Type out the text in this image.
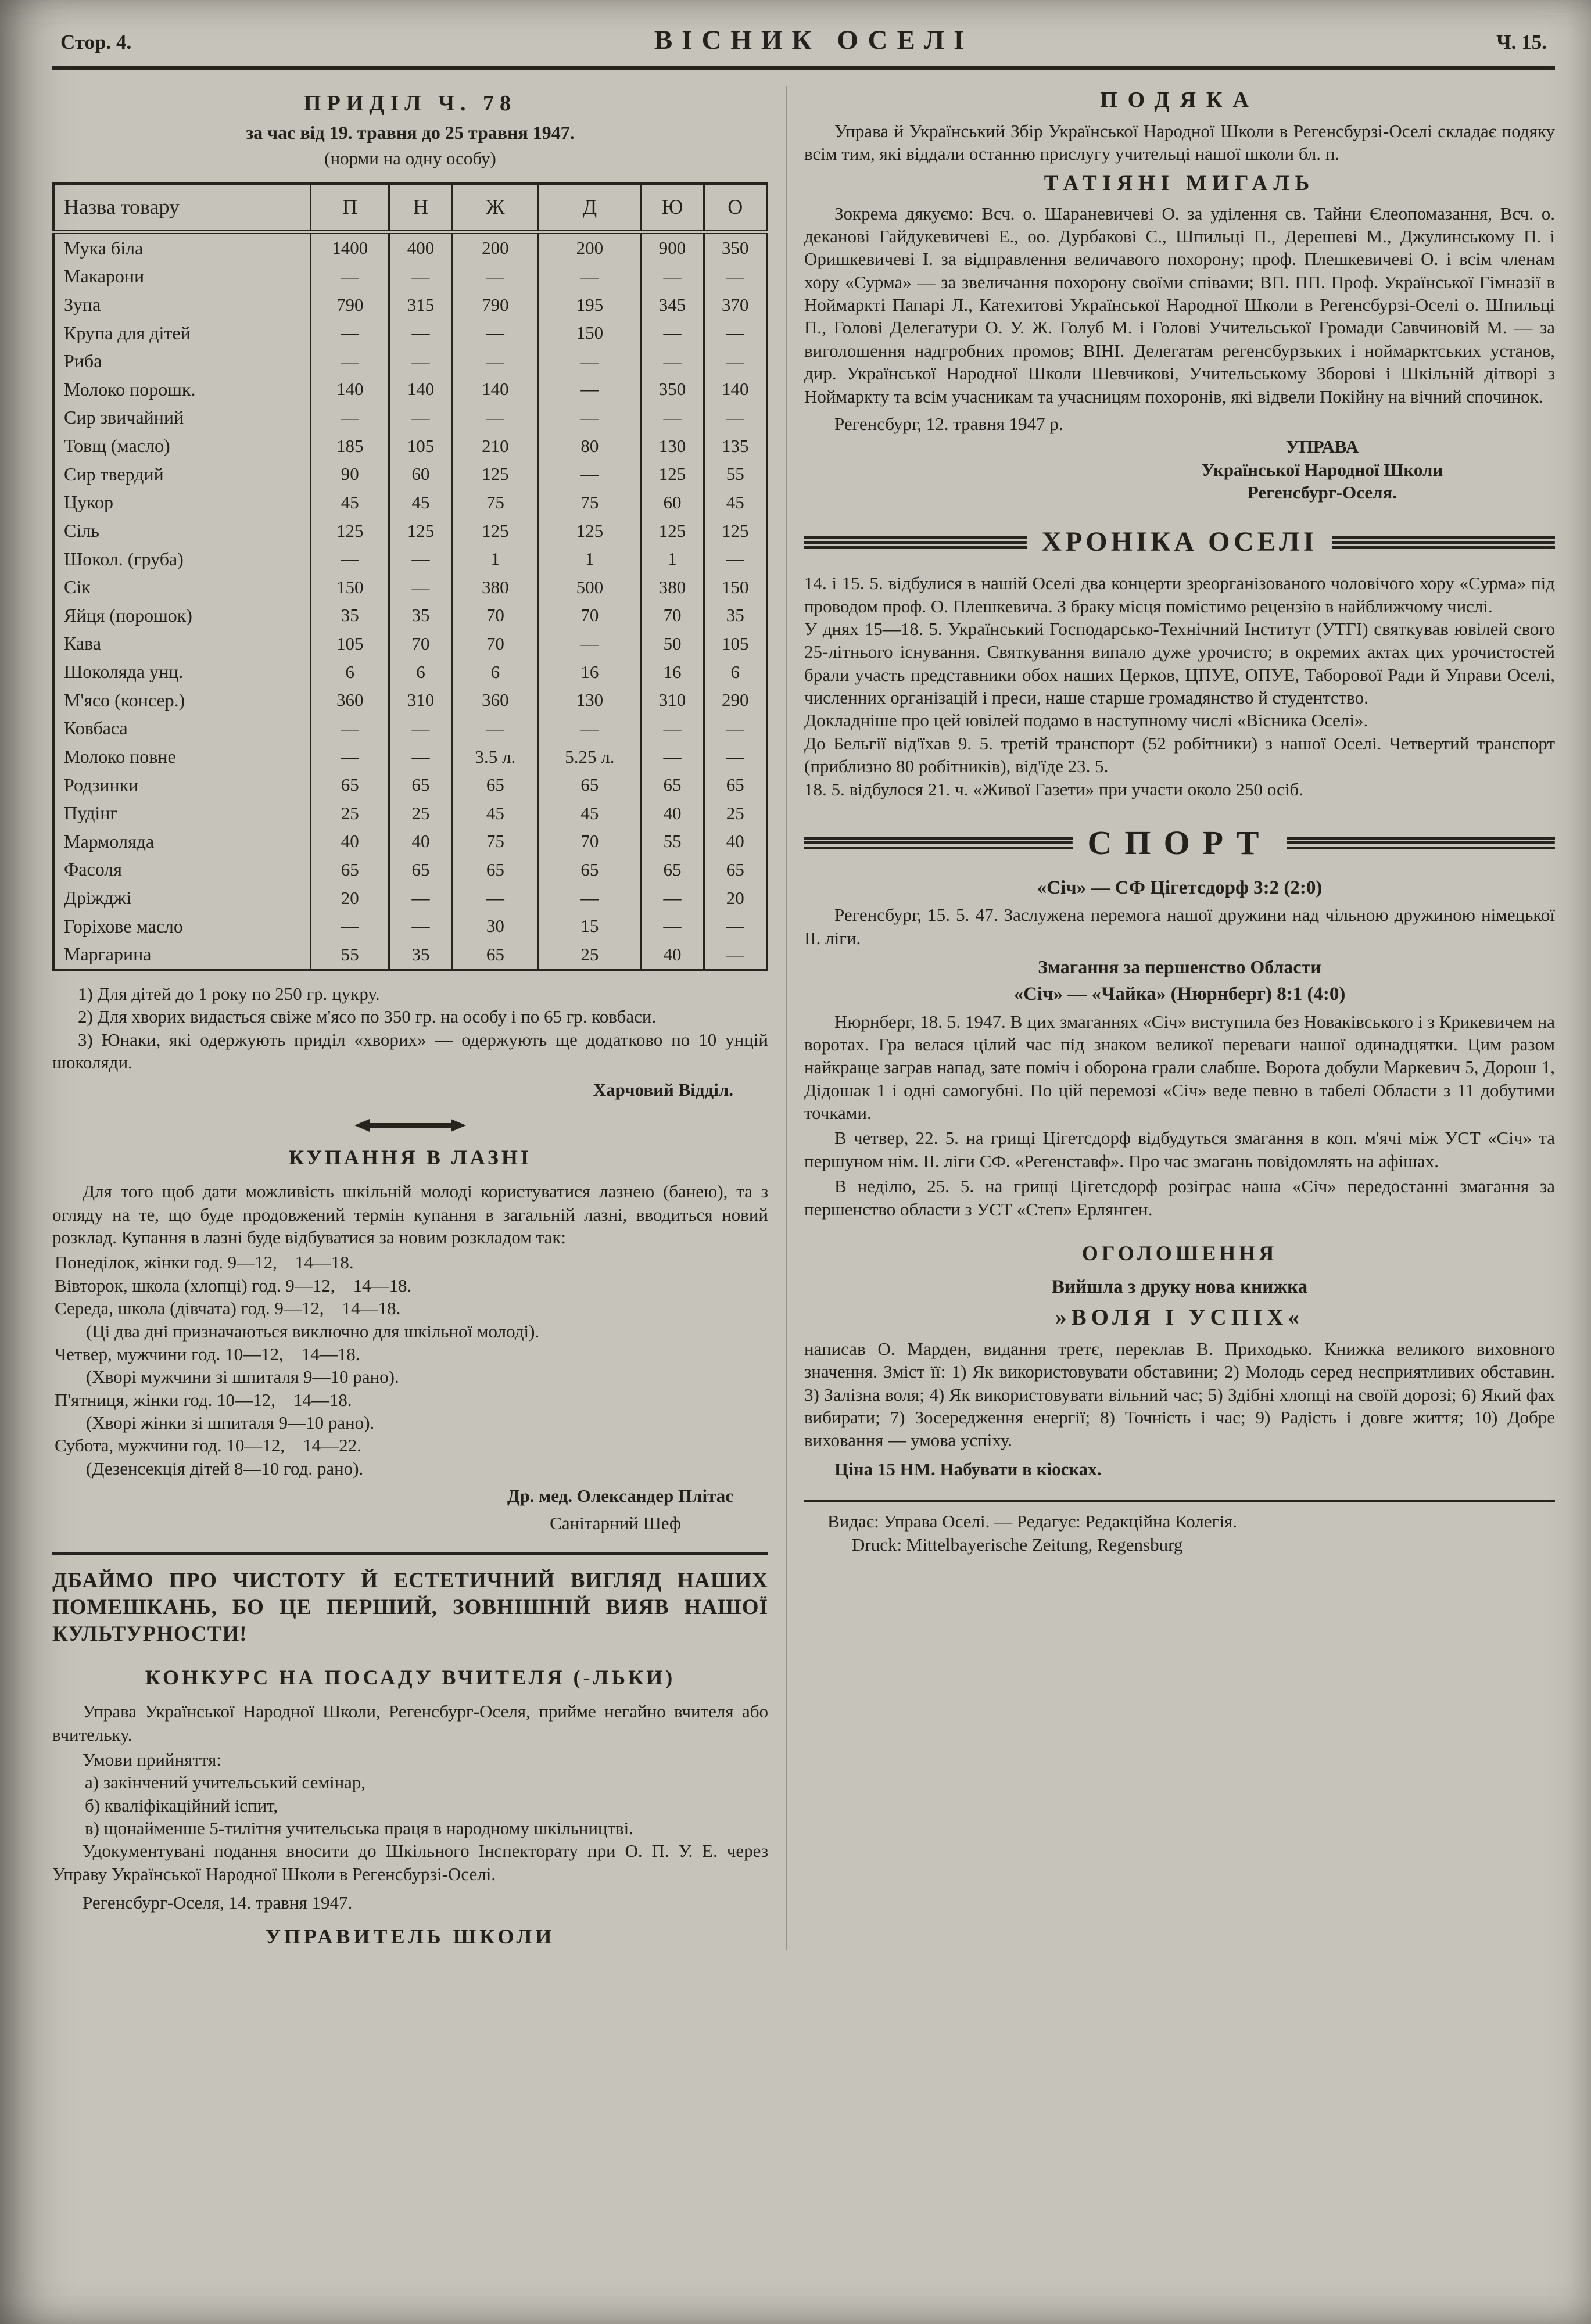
Стор. 4.	ВІСНИК ОСЕЛІ	Ч. 15.
ПРИДІЛ Ч. 78
за час від 19. травня до 25 травня 1947.
(норми на одну особу)
Назва товару	П	Н	Ж	Д	Ю	О
Мука біла	1400	400	200	200	900	350
Макарони	—	—	—	—	—	—
Зупа	790	315	790	195	345	370
Крупа для дітей	—	—	—	150	—	—
Риба	—	—	—	—	—	—
Молоко порошк.	140	140	140	—	350	140
Сир звичайний	—	—	—	—	—	—
Товщ (масло)	185	105	210	80	130	135
Сир твердий	90	60	125	—	125	55
Цукор	45	45	75	75	60	45
Сіль	125	125	125	125	125	125
Шокол. (груба)	—	—	1	1	1	—
Сік	150	—	380	500	380	150
Яйця (порошок)	35	35	70	70	70	35
Кава	105	70	70	—	50	105
Шоколяда унц.	6	6	6	16	16	6
М'ясо (консер.)	360	310	360	130	310	290
Ковбаса	—	—	—	—	—	—
Молоко повне	—	—	3.5 л.	5.25 л.	—	—
Родзинки	65	65	65	65	65	65
Пудінг	25	25	45	45	40	25
Мармоляда	40	40	75	70	55	40
Фасоля	65	65	65	65	65	65
Дріжджі	20	—	—	—	—	20
Горіхове масло	—	—	30	15	—	—
Маргарина	55	35	65	25	40	—
1) Для дітей до 1 року по 250 гр. цукру.
2) Для хворих видається свіже м'ясо по 350 гр. на особу і по 65 гр. ковбаси.
3) Юнаки, які одержують приділ «хворих» — одержують ще додатково по 10 унцій шоколяди.
Харчовий Відділ.
КУПАННЯ В ЛАЗНІ

Для того щоб дати можливість шкільній молоді користуватися лазнею (банею), та з огляду на те, що буде продовжений термін купання в загальній лазні, вводиться новий розклад. Купання в лазні буде відбуватися за новим розкладом так:

Понеділок, жінки год. 9—12, 14—18.
Вівторок, школа (хлопці) год. 9—12, 14—18.
Середа, школа (дівчата) год. 9—12, 14—18.
(Ці два дні призначаються виключно для шкільної молоді).
Четвер, мужчини год. 10—12, 14—18.
(Хворі мужчини зі шпиталя 9—10 рано).
П'ятниця, жінки год. 10—12, 14—18.
(Хворі жінки зі шпиталя 9—10 рано).
Субота, мужчини год. 10—12, 14—22.
(Дезенсекція дітей 8—10 год. рано).
Др. мед. Олександер Плітас
Санітарний Шеф

ДБАЙМО ПРО ЧИСТОТУ Й ЕСТЕТИЧНИЙ ВИГЛЯД НАШИХ ПОМЕШКАНЬ, БО ЦЕ ПЕРШИЙ, ЗОВНІШНІЙ ВИЯВ НАШОЇ КУЛЬТУРНОСТИ!

КОНКУРС НА ПОСАДУ ВЧИТЕЛЯ (-ЛЬКИ)

Управа Української Народної Школи, Регенсбург-Оселя, прийме негайно вчителя або вчительку.

Умови прийняття:
а) закінчений учительський семінар,
б) кваліфікаційний іспит,
в) щонайменше 5-тилітня учительська праця в народному шкільництві.

Удокументувані подання вносити до Шкільного Інспекторату при О. П. У. Е. через Управу Української Народної Школи в Регенсбурзі-Оселі.

Регенсбург-Оселя, 14. травня 1947.
УПРАВИТЕЛЬ ШКОЛИ
ПОДЯКА

Управа й Український Збір Української Народної Школи в Регенсбурзі-Оселі складає подяку всім тим, які віддали останню прислугу учительці нашої школи бл. п.

ТАТІЯНІ МИГАЛЬ

Зокрема дякуємо: Всч. о. Шараневичеві О. за уділення св. Тайни Єлеопомазання, Всч. о. деканові Гайдукевичеві Е., оо. Дурбакові С., Шпильці П., Дерешеві М., Джулинському П. і Оришкевичеві І. за відправлення величавого похорону; проф. Плешкевичеві О. і всім членам хору «Сурма» — за звеличання похорону своїми співами; ВП. ПП. Проф. Української Гімназії в Ноймаркті Папарі Л., Катехитові Української Народної Школи в Регенсбурзі-Оселі о. Шпильці П., Голові Делегатури О. У. Ж. Голуб М. і Голові Учительської Громади Савчиновій М. — за виголошення надгробних промов; ВІНІ. Делегатам регенсбурзьких і ноймарктських установ, дир. Української Народної Школи Шевчикові, Учительському Зборові і Шкільній дітворі з Ноймаркту та всім учасникам та учасницям похоронів, які відвели Покійну на вічний спочинок.

Регенсбург, 12. травня 1947 р.
УПРАВА
Української Народної Школи
Регенсбург-Оселя.
ХРОНІКА ОСЕЛІ
14. і 15. 5. відбулися в нашій Оселі два концерти зреорганізованого чоловічого хору «Сурма» під проводом проф. О. Плешкевича. З браку місця помістимо рецензію в найближчому числі.
У днях 15—18. 5. Український Господарсько-Технічний Інститут (УТГІ) святкував ювілей свого 25-літнього існування. Святкування випало дуже урочисто; в окремих актах цих урочистостей брали участь представники обох наших Церков, ЦПУЕ, ОПУЕ, Таборової Ради й Управи Оселі, численних організацій і преси, наше старше громадянство й студентство.
Докладніше про цей ювілей подамо в наступному числі «Вісника Оселі».
До Бельгії від'їхав 9. 5. третій транспорт (52 робітники) з нашої Оселі. Четвертий транспорт (приблизно 80 робітників), від'їде 23. 5.
18. 5. відбулося 21. ч. «Живої Газети» при участи около 250 осіб.
СПОРТ
«Січ» — СФ Цігетсдорф 3:2 (2:0)

Регенсбург, 15. 5. 47. Заслужена перемога нашої дружини над чільною дружиною німецької ІІ. ліги.

Змагання за першенство Области
«Січ» — «Чайка» (Нюрнберг) 8:1 (4:0)

Нюрнберг, 18. 5. 1947. В цих змаганнях «Січ» виступила без Новаківського і з Крикевичем на воротах. Гра велася цілий час під знаком великої переваги нашої одинадцятки. Цим разом найкраще заграв напад, зате поміч і оборона грали слабше. Ворота добули Маркевич 5, Дорош 1, Дідошак 1 і одні самогубні. По цій перемозі «Січ» веде певно в табелі Области з 11 добутими точками.

В четвер, 22. 5. на грищі Цігетсдорф відбудуться змагання в коп. м'ячі між УСТ «Січ» та першуном нім. ІІ. ліги СФ. «Регенставф». Про час змагань повідомлять на афішах.

В неділю, 25. 5. на грищі Цігетсдорф розіграє наша «Січ» передостанні змагання за першенство области з УСТ «Степ» Ерлянген.

ОГОЛОШЕННЯ
Вийшла з друку нова книжка
»ВОЛЯ І УСПІХ«

написав О. Марден, видання третє, переклав В. Приходько. Книжка великого виховного значення. Зміст її: 1) Як використовувати обставини; 2) Молодь серед несприятливих обставин. 3) Залізна воля; 4) Як використовувати вільний час; 5) Здібні хлопці на своїй дорозі; 6) Який фах вибирати; 7) Зосередження енергії; 8) Точність і час; 9) Радість і довге життя; 10) Добре виховання — умова успіху.

Ціна 15 НМ. Набувати в кіосках.
Видає: Управа Оселі. — Редагує: Редакційна Колегія.
Druck: Mittelbayerische Zeitung, Regensburg
